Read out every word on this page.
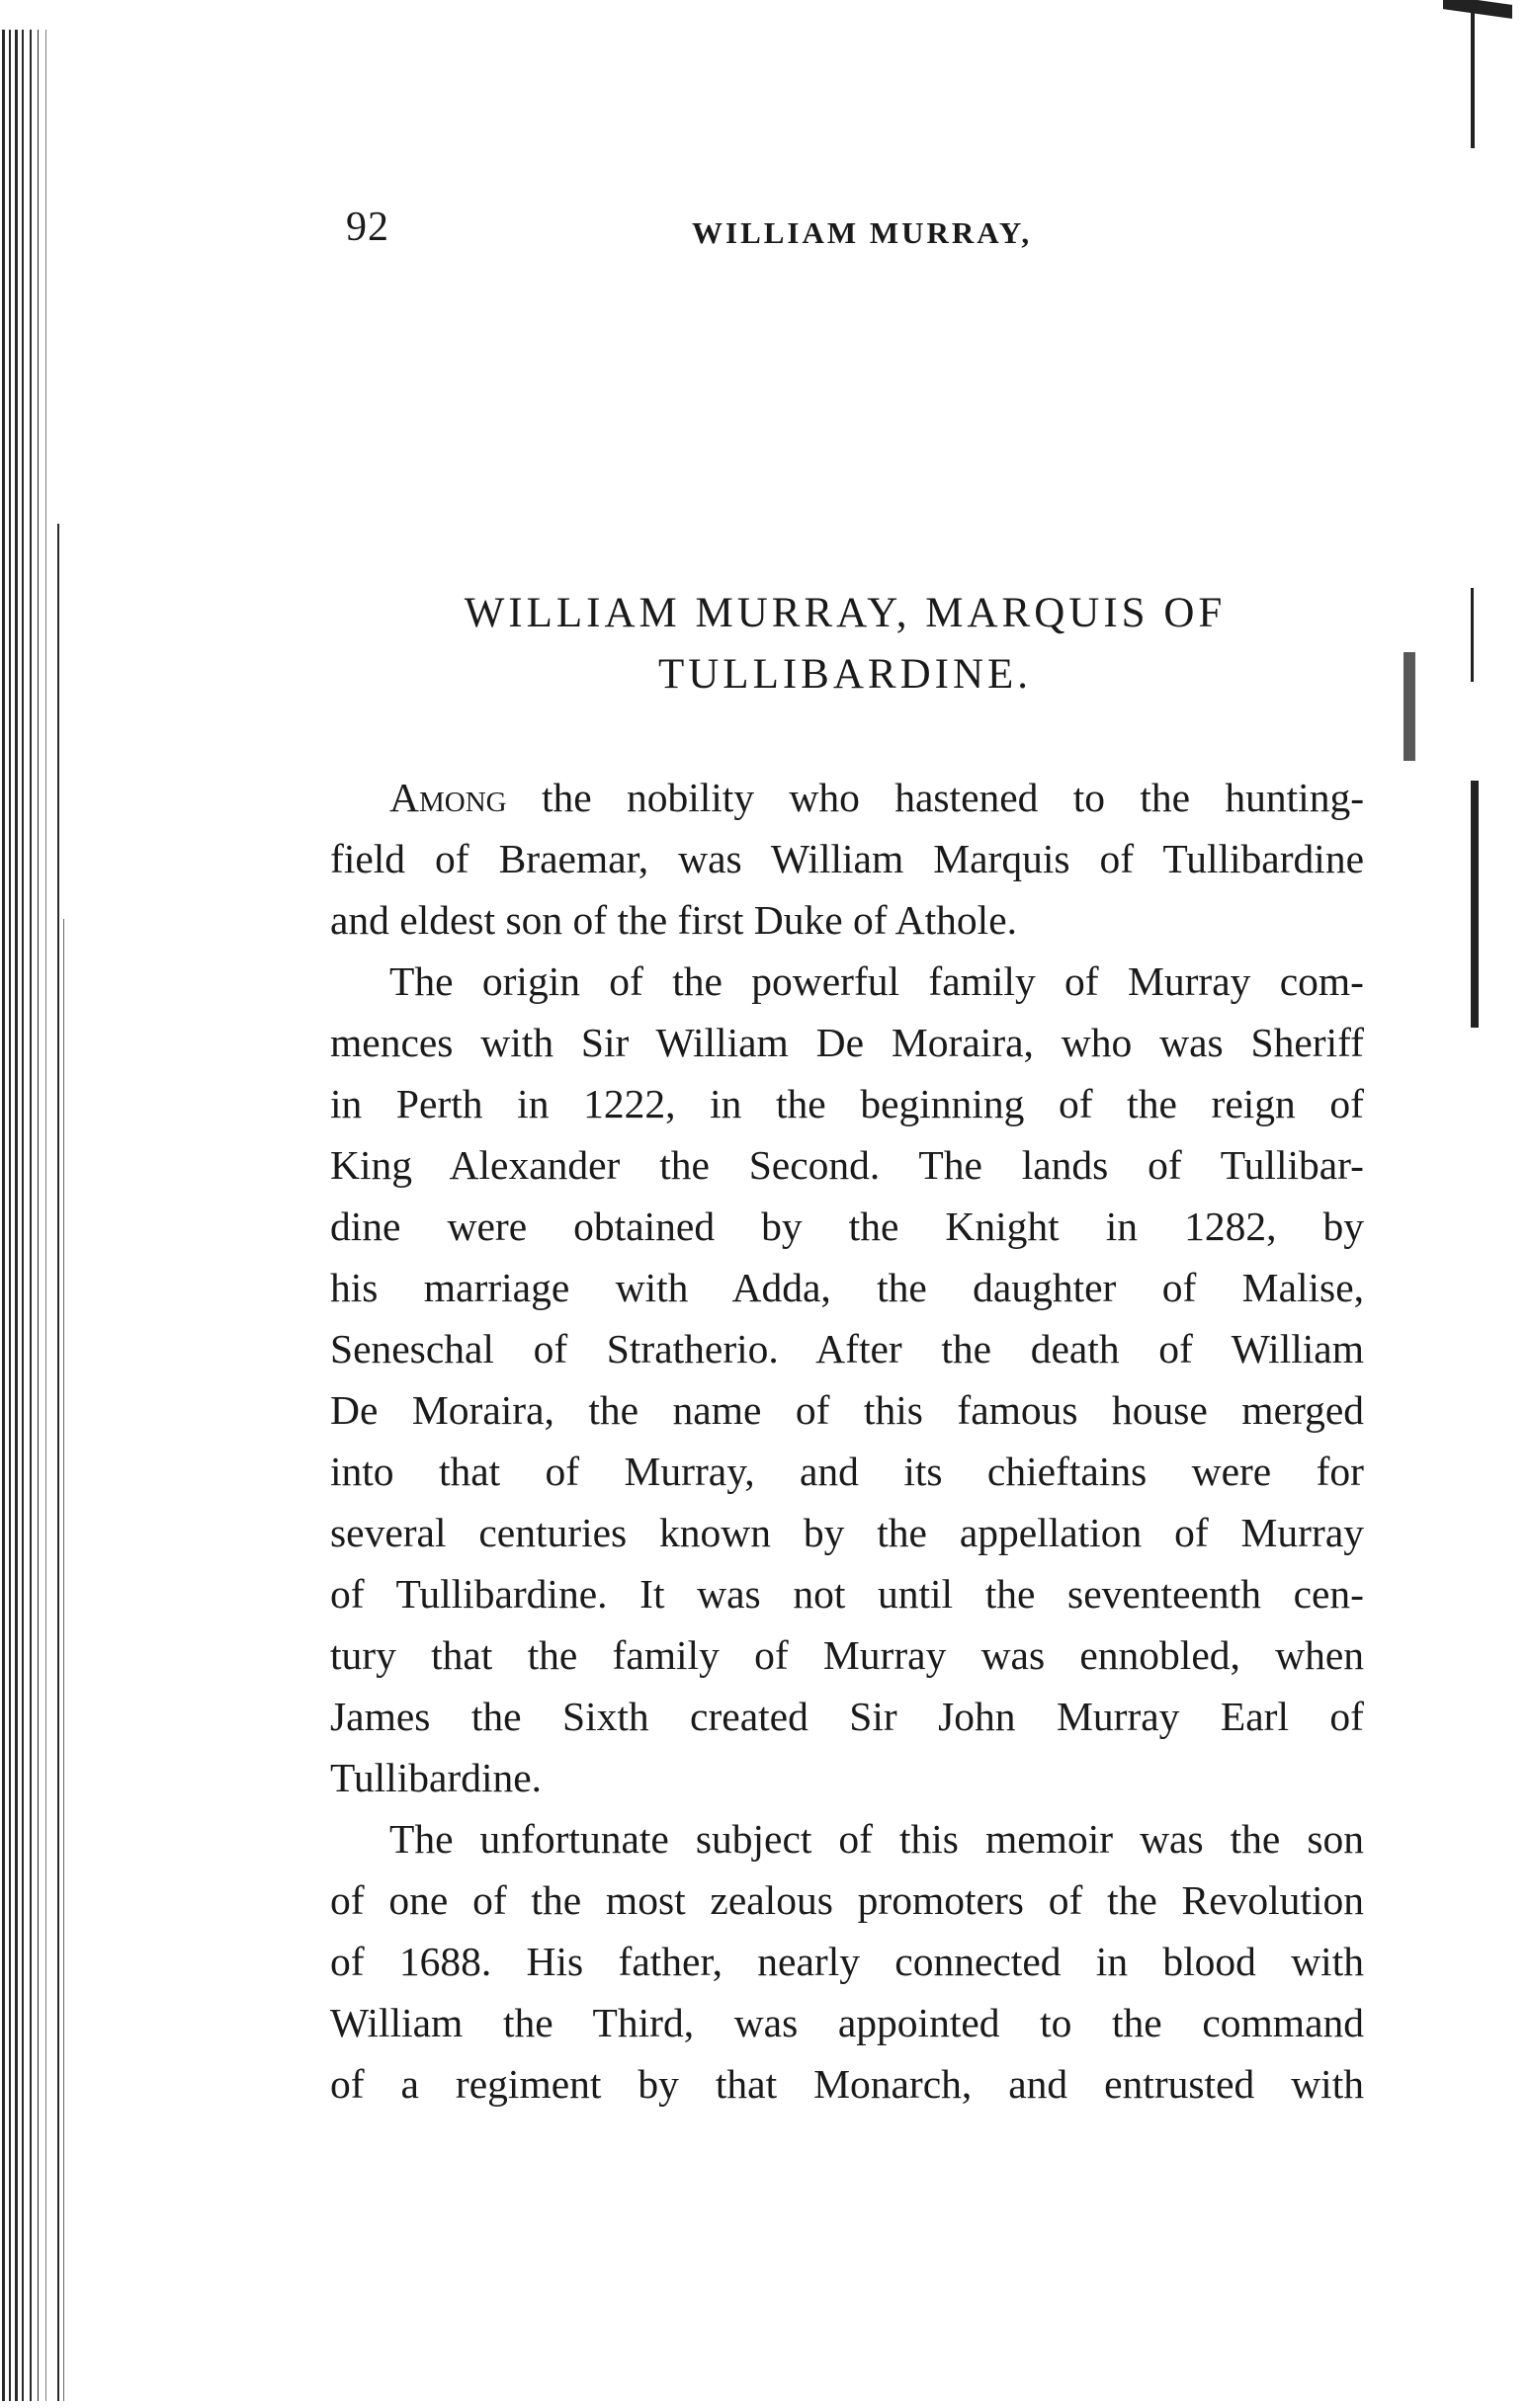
92	WILLIAM MURRAY,
WILLIAM MURRAY, MARQUIS OF
TULLIBARDINE.
Among the nobility who hastened to the hunting-
field of Braemar, was William Marquis of Tullibardine
and eldest son of the first Duke of Athole.
The origin of the powerful family of Murray com-
mences with Sir William De Moraira, who was Sheriff
in Perth in 1222, in the beginning of the reign of
King Alexander the Second. The lands of Tullibar-
dine were obtained by the Knight in 1282, by
his marriage with Adda, the daughter of Malise,
Seneschal of Stratherio. After the death of William
De Moraira, the name of this famous house merged
into that of Murray, and its chieftains were for
several centuries known by the appellation of Murray
of Tullibardine. It was not until the seventeenth cen-
tury that the family of Murray was ennobled, when
James the Sixth created Sir John Murray Earl of
Tullibardine.
The unfortunate subject of this memoir was the son
of one of the most zealous promoters of the Revolution
of 1688. His father, nearly connected in blood with
William the Third, was appointed to the command
of a regiment by that Monarch, and entrusted with
